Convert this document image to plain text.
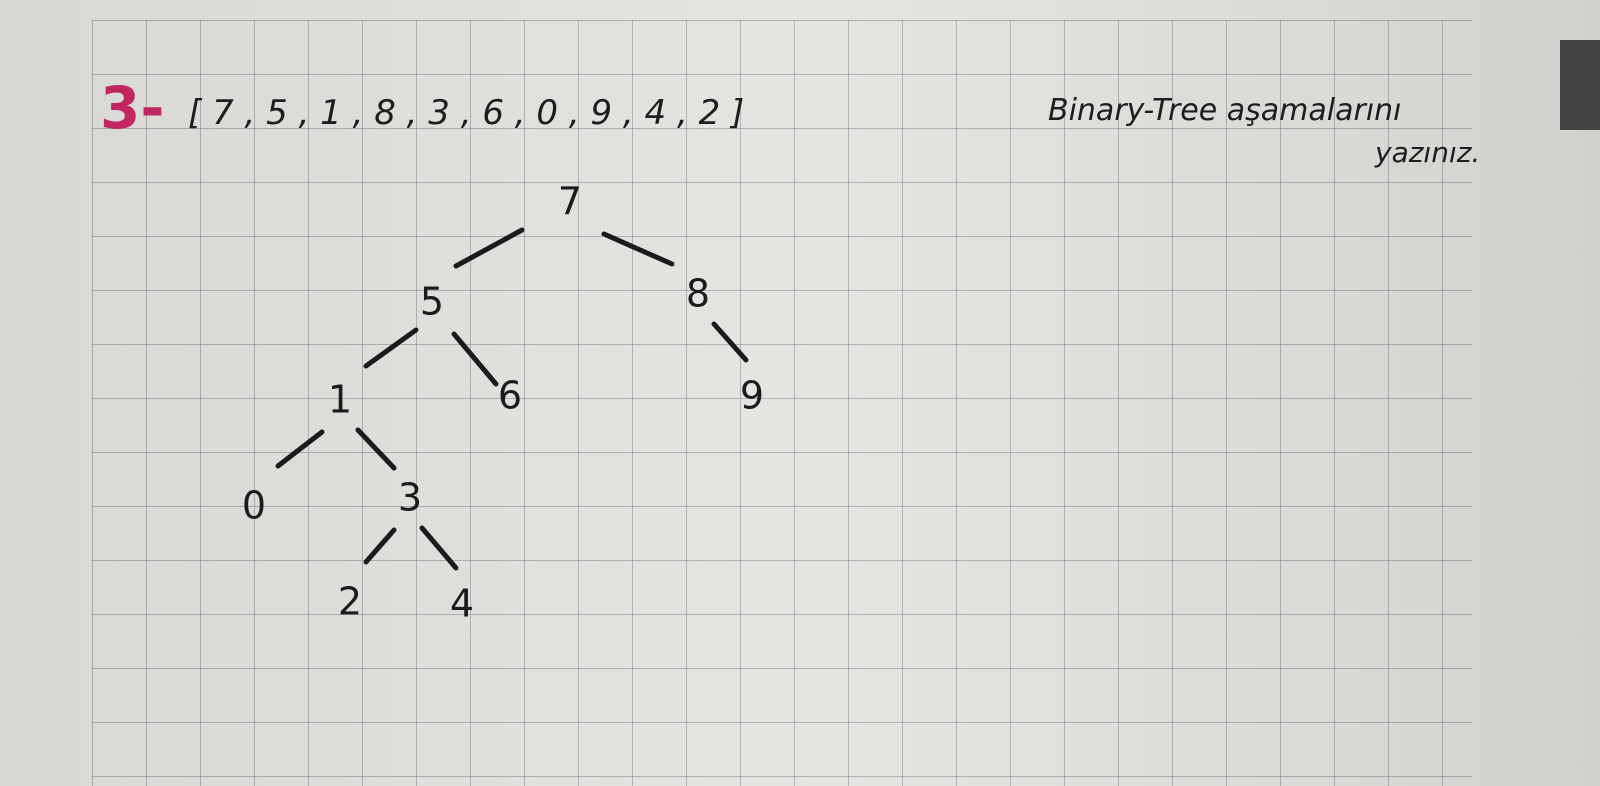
3- [ 7 , 5 , 1 , 8 , 3 , 6 , 0 , 9 , 4 , 2 ]	Binary-Tree aşamalarını
yazınız.
7
5	8
1	6	9
0	3
2 4
